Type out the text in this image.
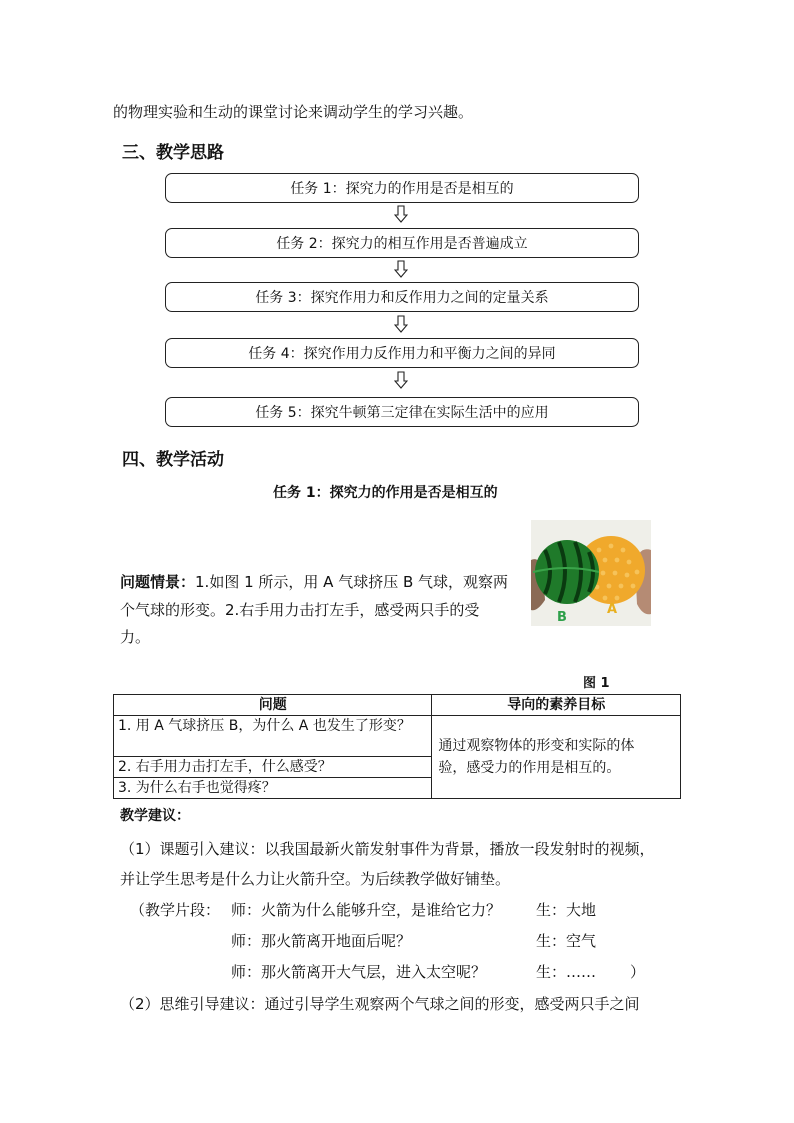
的物理实验和生动的课堂讨论来调动学生的学习兴趣。
三、教学思路
任务 1：探究力的作用是否是相互的
任务 2：探究力的相互作用是否普遍成立
任务 3：探究作用力和反作用力之间的定量关系
任务 4：探究作用力反作用力和平衡力之间的异同
任务 5：探究牛顿第三定律在实际生活中的应用
四、教学活动
任务 1：探究力的作用是否是相互的
问题情景：1.如图 1 所示，用 A 气球挤压 B 气球，观察两
个气球的形变。2.右手用力击打左手，感受两只手的受
力。
B
A
图 1
问题	导向的素养目标
1. 用 A 气球挤压 B，为什么 A 也发生了形变？	通过观察物体的形变和实际的体
验，感受力的作用是相互的。

2. 右手用力击打左手，什么感受？	
3. 为什么右手也觉得疼？	
教学建议：
（1）课题引入建议：以我国最新火箭发射事件为背景，播放一段发射时的视频，
并让学生思考是什么力让火箭升空。为后续教学做好铺垫。
（教学片段： 师：火箭为什么能够升空，是谁给它力？ 生：大地
师：那火箭离开地面后呢？	生：空气
师：那火箭离开大气层，进入太空呢？	生：…… ）
（2）思维引导建议：通过引导学生观察两个气球之间的形变，感受两只手之间
